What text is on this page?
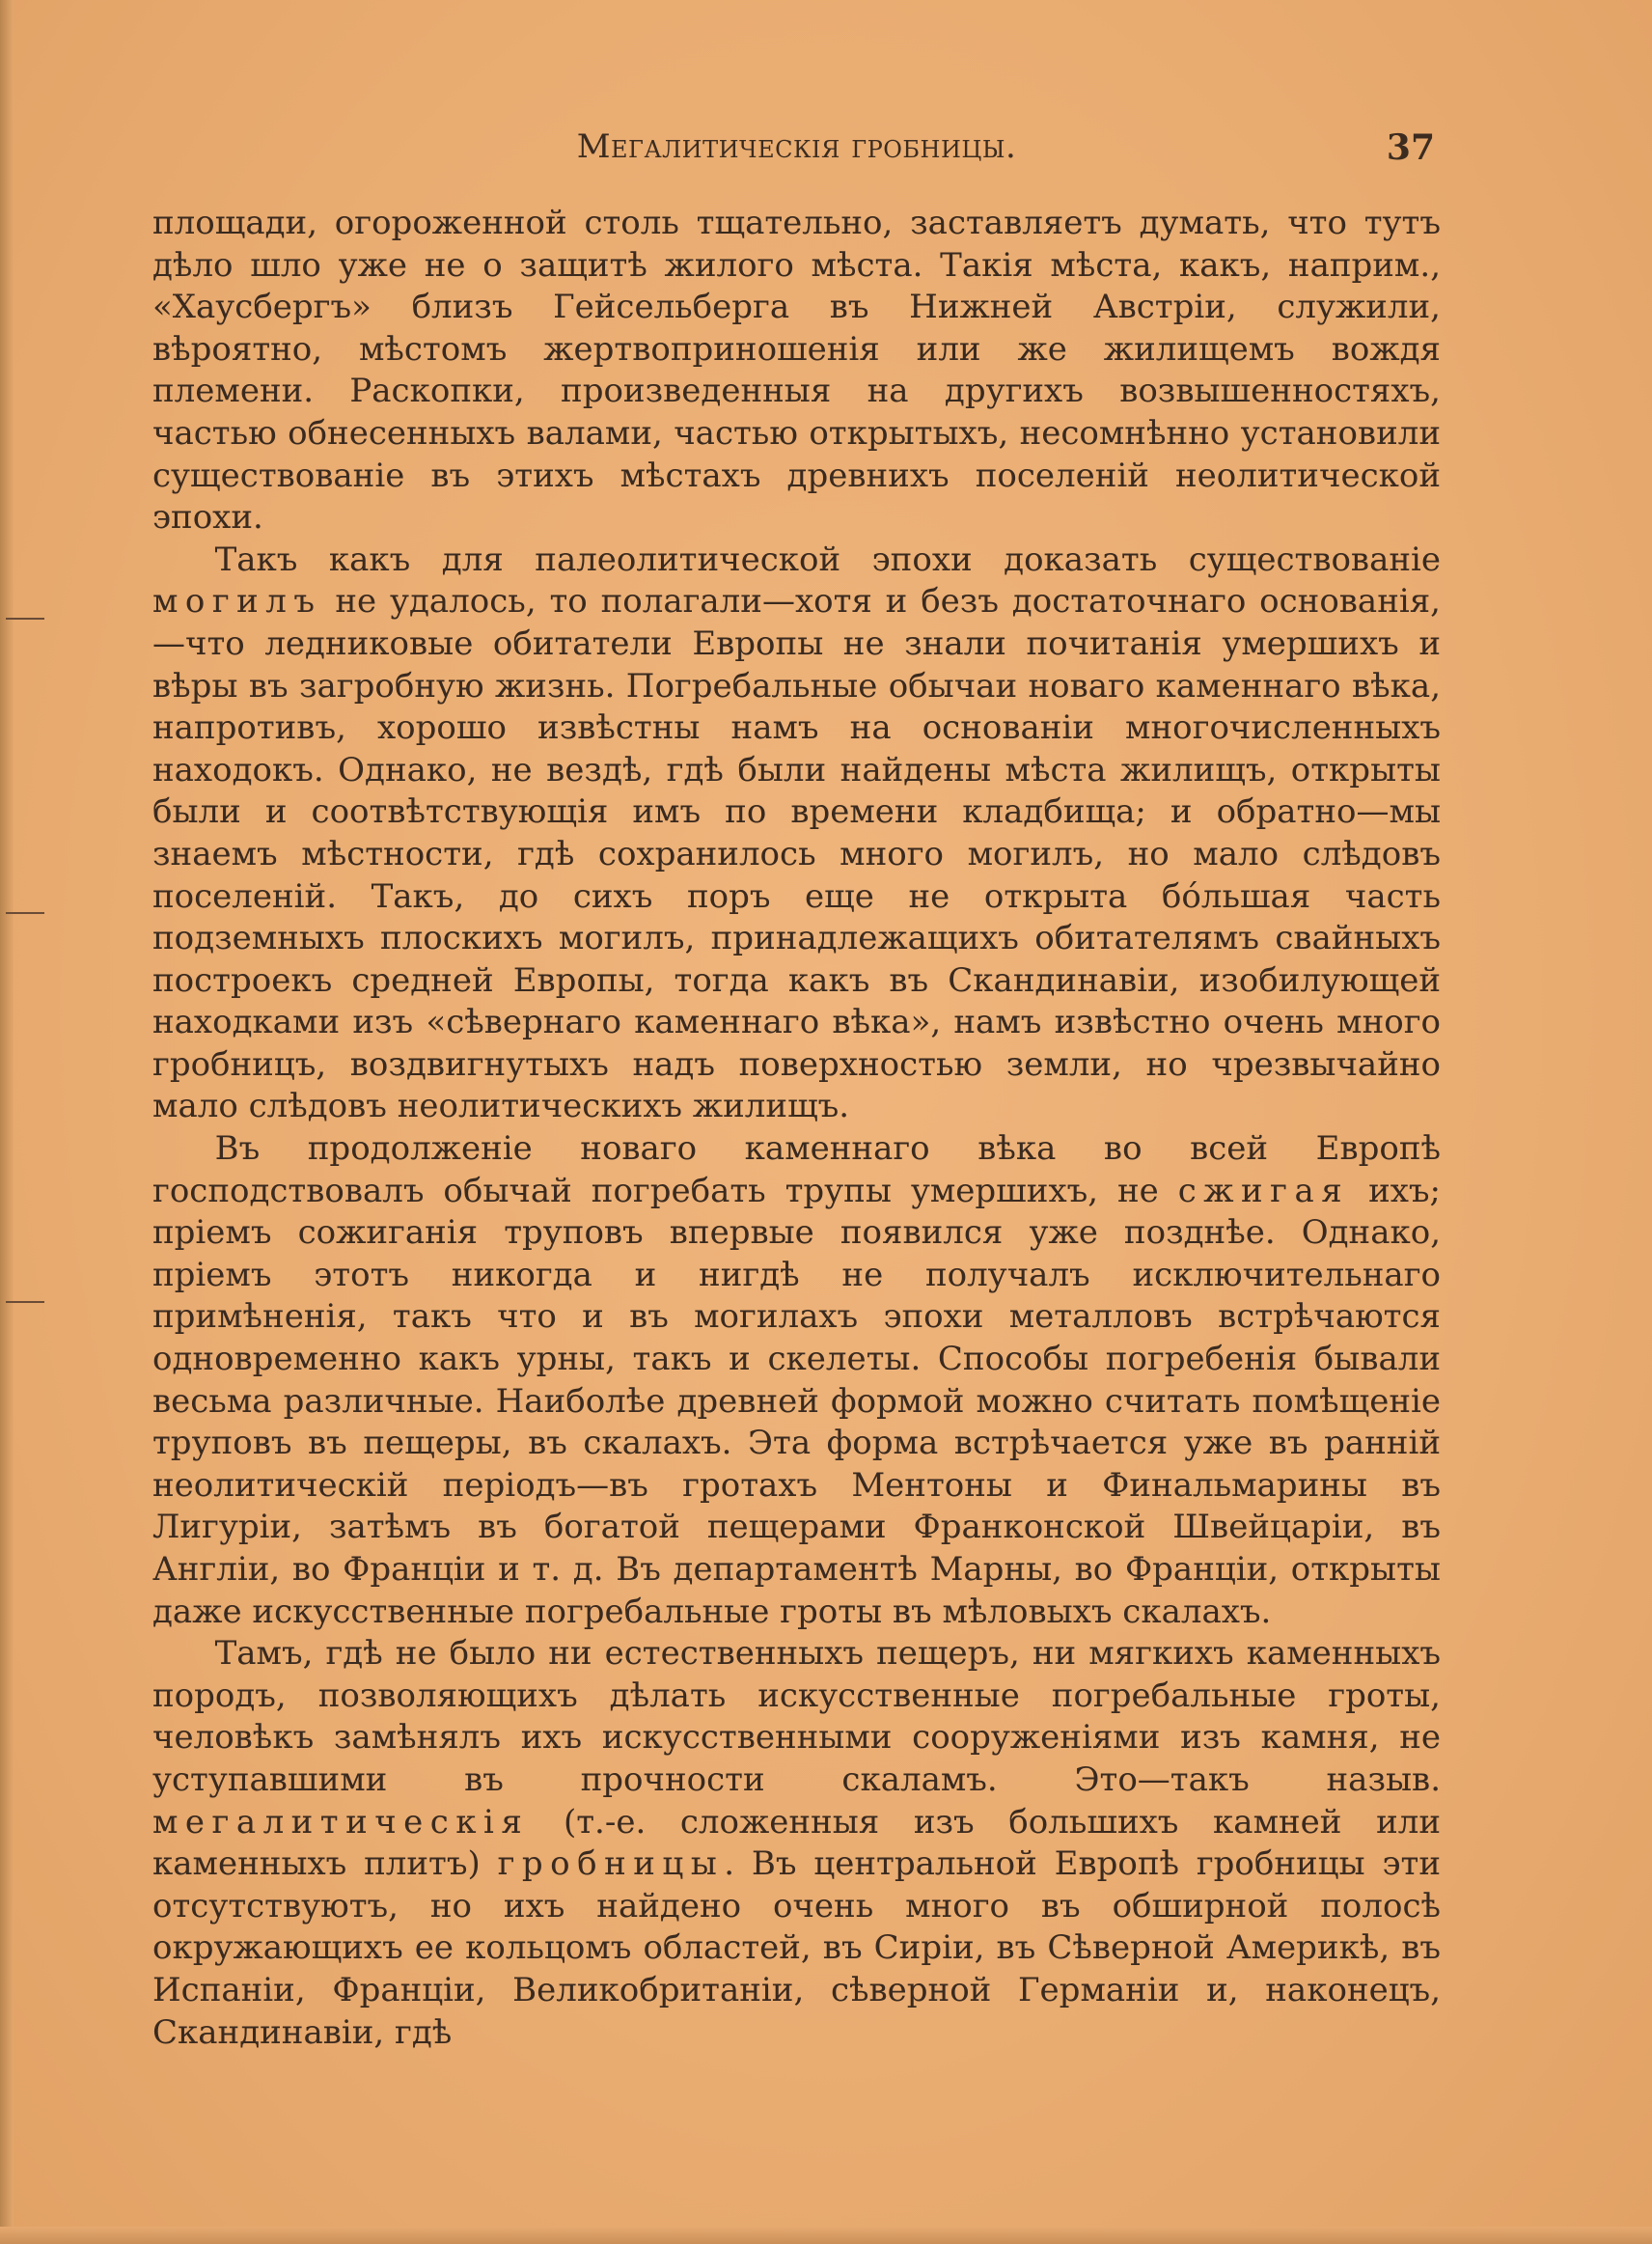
Мегалитическія гробницы.	37

площади, огороженной столь тщательно, заставляетъ думать, что тутъ дѣло шло уже не о защитѣ жилого мѣста. Такія мѣста, какъ, наприм., «Хаусбергъ» близъ Гейсельберга въ Нижней Австріи, служили, вѣроятно, мѣстомъ жертвоприношенія или же жилищемъ вождя племени. Раскопки, произведенныя на другихъ возвышенностяхъ, частью обнесенныхъ валами, частью открытыхъ, несомнѣнно установили существованіе въ этихъ мѣстахъ древнихъ поселеній неолитической эпохи.

Такъ какъ для палеолитической эпохи доказать существованіе могилъ не удалось, то полагали—хотя и безъ достаточнаго основанія,—что ледниковые обитатели Европы не знали почитанія умершихъ и вѣры въ загробную жизнь. Погребальные обычаи новаго каменнаго вѣка, напротивъ, хорошо извѣстны намъ на основаніи многочисленныхъ находокъ. Однако, не вездѣ, гдѣ были найдены мѣста жилищъ, открыты были и соотвѣтствующія имъ по времени кладбища; и обратно—мы знаемъ мѣстности, гдѣ сохранилось много могилъ, но мало слѣдовъ поселеній. Такъ, до сихъ поръ еще не открыта бóльшая часть подземныхъ плоскихъ могилъ, принадлежащихъ обитателямъ свайныхъ построекъ средней Европы, тогда какъ въ Скандинавіи, изобилующей находками изъ «сѣвернаго каменнаго вѣка», намъ извѣстно очень много гробницъ, воздвигнутыхъ надъ поверхностью земли, но чрезвычайно мало слѣдовъ неолитическихъ жилищъ.

Въ продолженіе новаго каменнаго вѣка во всей Европѣ господствовалъ обычай погребать трупы умершихъ, не сжигая ихъ; пріемъ сожиганія труповъ впервые появился уже позднѣе. Однако, пріемъ этотъ никогда и нигдѣ не получалъ исключительнаго примѣненія, такъ что и въ могилахъ эпохи металловъ встрѣчаются одновременно какъ урны, такъ и скелеты. Способы погребенія бывали весьма различные. Наиболѣе древней формой можно считать помѣщеніе труповъ въ пещеры, въ скалахъ. Эта форма встрѣчается уже въ ранній неолитическій періодъ—въ гротахъ Ментоны и Финальмарины въ Лигуріи, затѣмъ въ богатой пещерами Франконской Швейцаріи, въ Англіи, во Франціи и т. д. Въ департаментѣ Марны, во Франціи, открыты даже искусственные погребальные гроты въ мѣловыхъ скалахъ.

Тамъ, гдѣ не было ни естественныхъ пещеръ, ни мягкихъ каменныхъ породъ, позволяющихъ дѣлать искусственные погребальные гроты, человѣкъ замѣнялъ ихъ искусственными сооруженіями изъ камня, не уступавшими въ прочности скаламъ. Это—такъ назыв. мегалитическія (т.-е. сложенныя изъ большихъ камней или каменныхъ плитъ) гробницы. Въ центральной Европѣ гробницы эти отсутствуютъ, но ихъ найдено очень много въ обширной полосѣ окружающихъ ее кольцомъ областей, въ Сиріи, въ Сѣверной Америкѣ, въ Испаніи, Франціи, Великобританіи, сѣверной Германіи и, наконецъ, Скандинавіи, гдѣ
